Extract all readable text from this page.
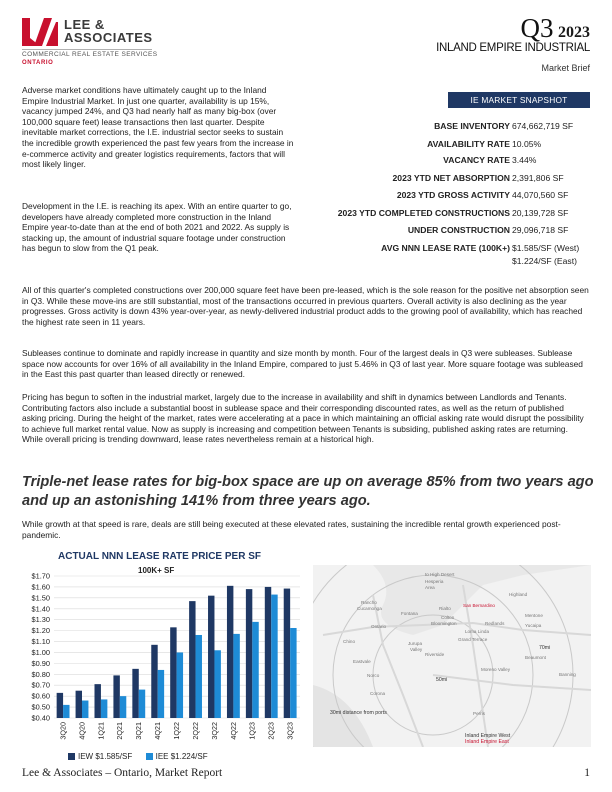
LEE &
ASSOCIATES
COMMERCIAL REAL ESTATE SERVICES
ONTARIO
Q3 2023
INLAND EMPIRE INDUSTRIAL
Market Brief
Adverse market conditions have ultimately caught up to the Inland Empire Industrial Market. In just one quarter, availability is up 15%, vacancy jumped 24%, and Q3 had nearly half as many big-box (over 100,000 square feet) lease transactions then last quarter. Despite inevitable market corrections, the I.E. industrial sector seeks to sustain the incredible growth experienced the past few years from the increase in e-commerce activity and greater logistics requirements, factors that will most likely linger.
Development in the I.E. is reaching its apex. With an entire quarter to go, developers have already completed more construction in the Inland Empire year-to-date than at the end of both 2021 and 2022. As supply is stacking up, the amount of industrial square footage under construction has begun to slow from the Q1 peak.
IE MARKET SNAPSHOT
BASE INVENTORY 674,662,719 SF
AVAILABILITY RATE 10.05%
VACANCY RATE 3.44%
2023 YTD NET ABSORPTION 2,391,806 SF
2023 YTD GROSS ACTIVITY 44,070,560 SF
2023 YTD COMPLETED CONSTRUCTIONS 20,139,728 SF
UNDER CONSTRUCTION 29,096,718 SF
AVG NNN LEASE RATE (100K+) $1.585/SF (West)
$1.224/SF (East)
All of this quarter's completed constructions over 200,000 square feet have been pre-leased, which is the sole reason for the positive net absorption seen in Q3. While these move-ins are still substantial, most of the transactions occurred in previous quarters. Overall activity is also declining as the year progresses. Gross activity is down 43% year-over-year, as newly-delivered industrial product adds to the growing pool of availability, which has reached the highest rate seen in 11 years.
Subleases continue to dominate and rapidly increase in quantity and size month by month. Four of the largest deals in Q3 were subleases. Sublease space now accounts for over 16% of all availability in the Inland Empire, compared to just 5.46% in Q3 of last year. More square footage was subleased in the East this past quarter than leased directly or renewed.
Pricing has begun to soften in the industrial market, largely due to the increase in availability and shift in dynamics between Landlords and Tenants. Contributing factors also include a substantial boost in sublease space and their corresponding discounted rates, as well as the return of published asking pricing. During the height of the market, rates were accelerating at a pace in which maintaining an official asking rate would disrupt the possibility to achieve full market rental value. Now as supply is increasing and competition between Tenants is subsiding, published asking rates are returning. While overall pricing is trending downward, lease rates nevertheless remain at a historical high.
Triple-net lease rates for big-box space are up on average 85% from two years ago and up an astonishing 141% from three years ago.
While growth at that speed is rare, deals are still being executed at these elevated rates, sustaining the incredible rental growth experienced post-pandemic.
ACTUAL NNN LEASE RATE PRICE PER SF
100K+ SF
$1.70
$1.60
$1.50
$1.40
$1.30
$1.20
$1.10
$1.00
$0.90
$0.80
$0.70
$0.60
$0.50
$0.40
3Q20 4Q20 1Q21 2Q21 3Q21 4Q21 1Q22 2Q22 3Q22 4Q22 1Q23 2Q23 3Q23
IEW $1.585/SF	IEE $1.224/SF
to High Desert
Hesperia
Area
Highland
Rancho
Cucamonga	Rialto
Fontana
San Bernardino
Ontario
Colton
Bloomington	Redlands
Mentone
Chino
Loma Linda
Grand Terrace
Yucaipa
Jurupa
Valley
Riverside
Eastvale
Norco
Corona
Moreno Valley
Beaumont
Banning
Perris
50mi
70mi
30mi distance from ports
Inland Empire West
Inland Empire East
Lee & Associates – Ontario, Market Report	1
